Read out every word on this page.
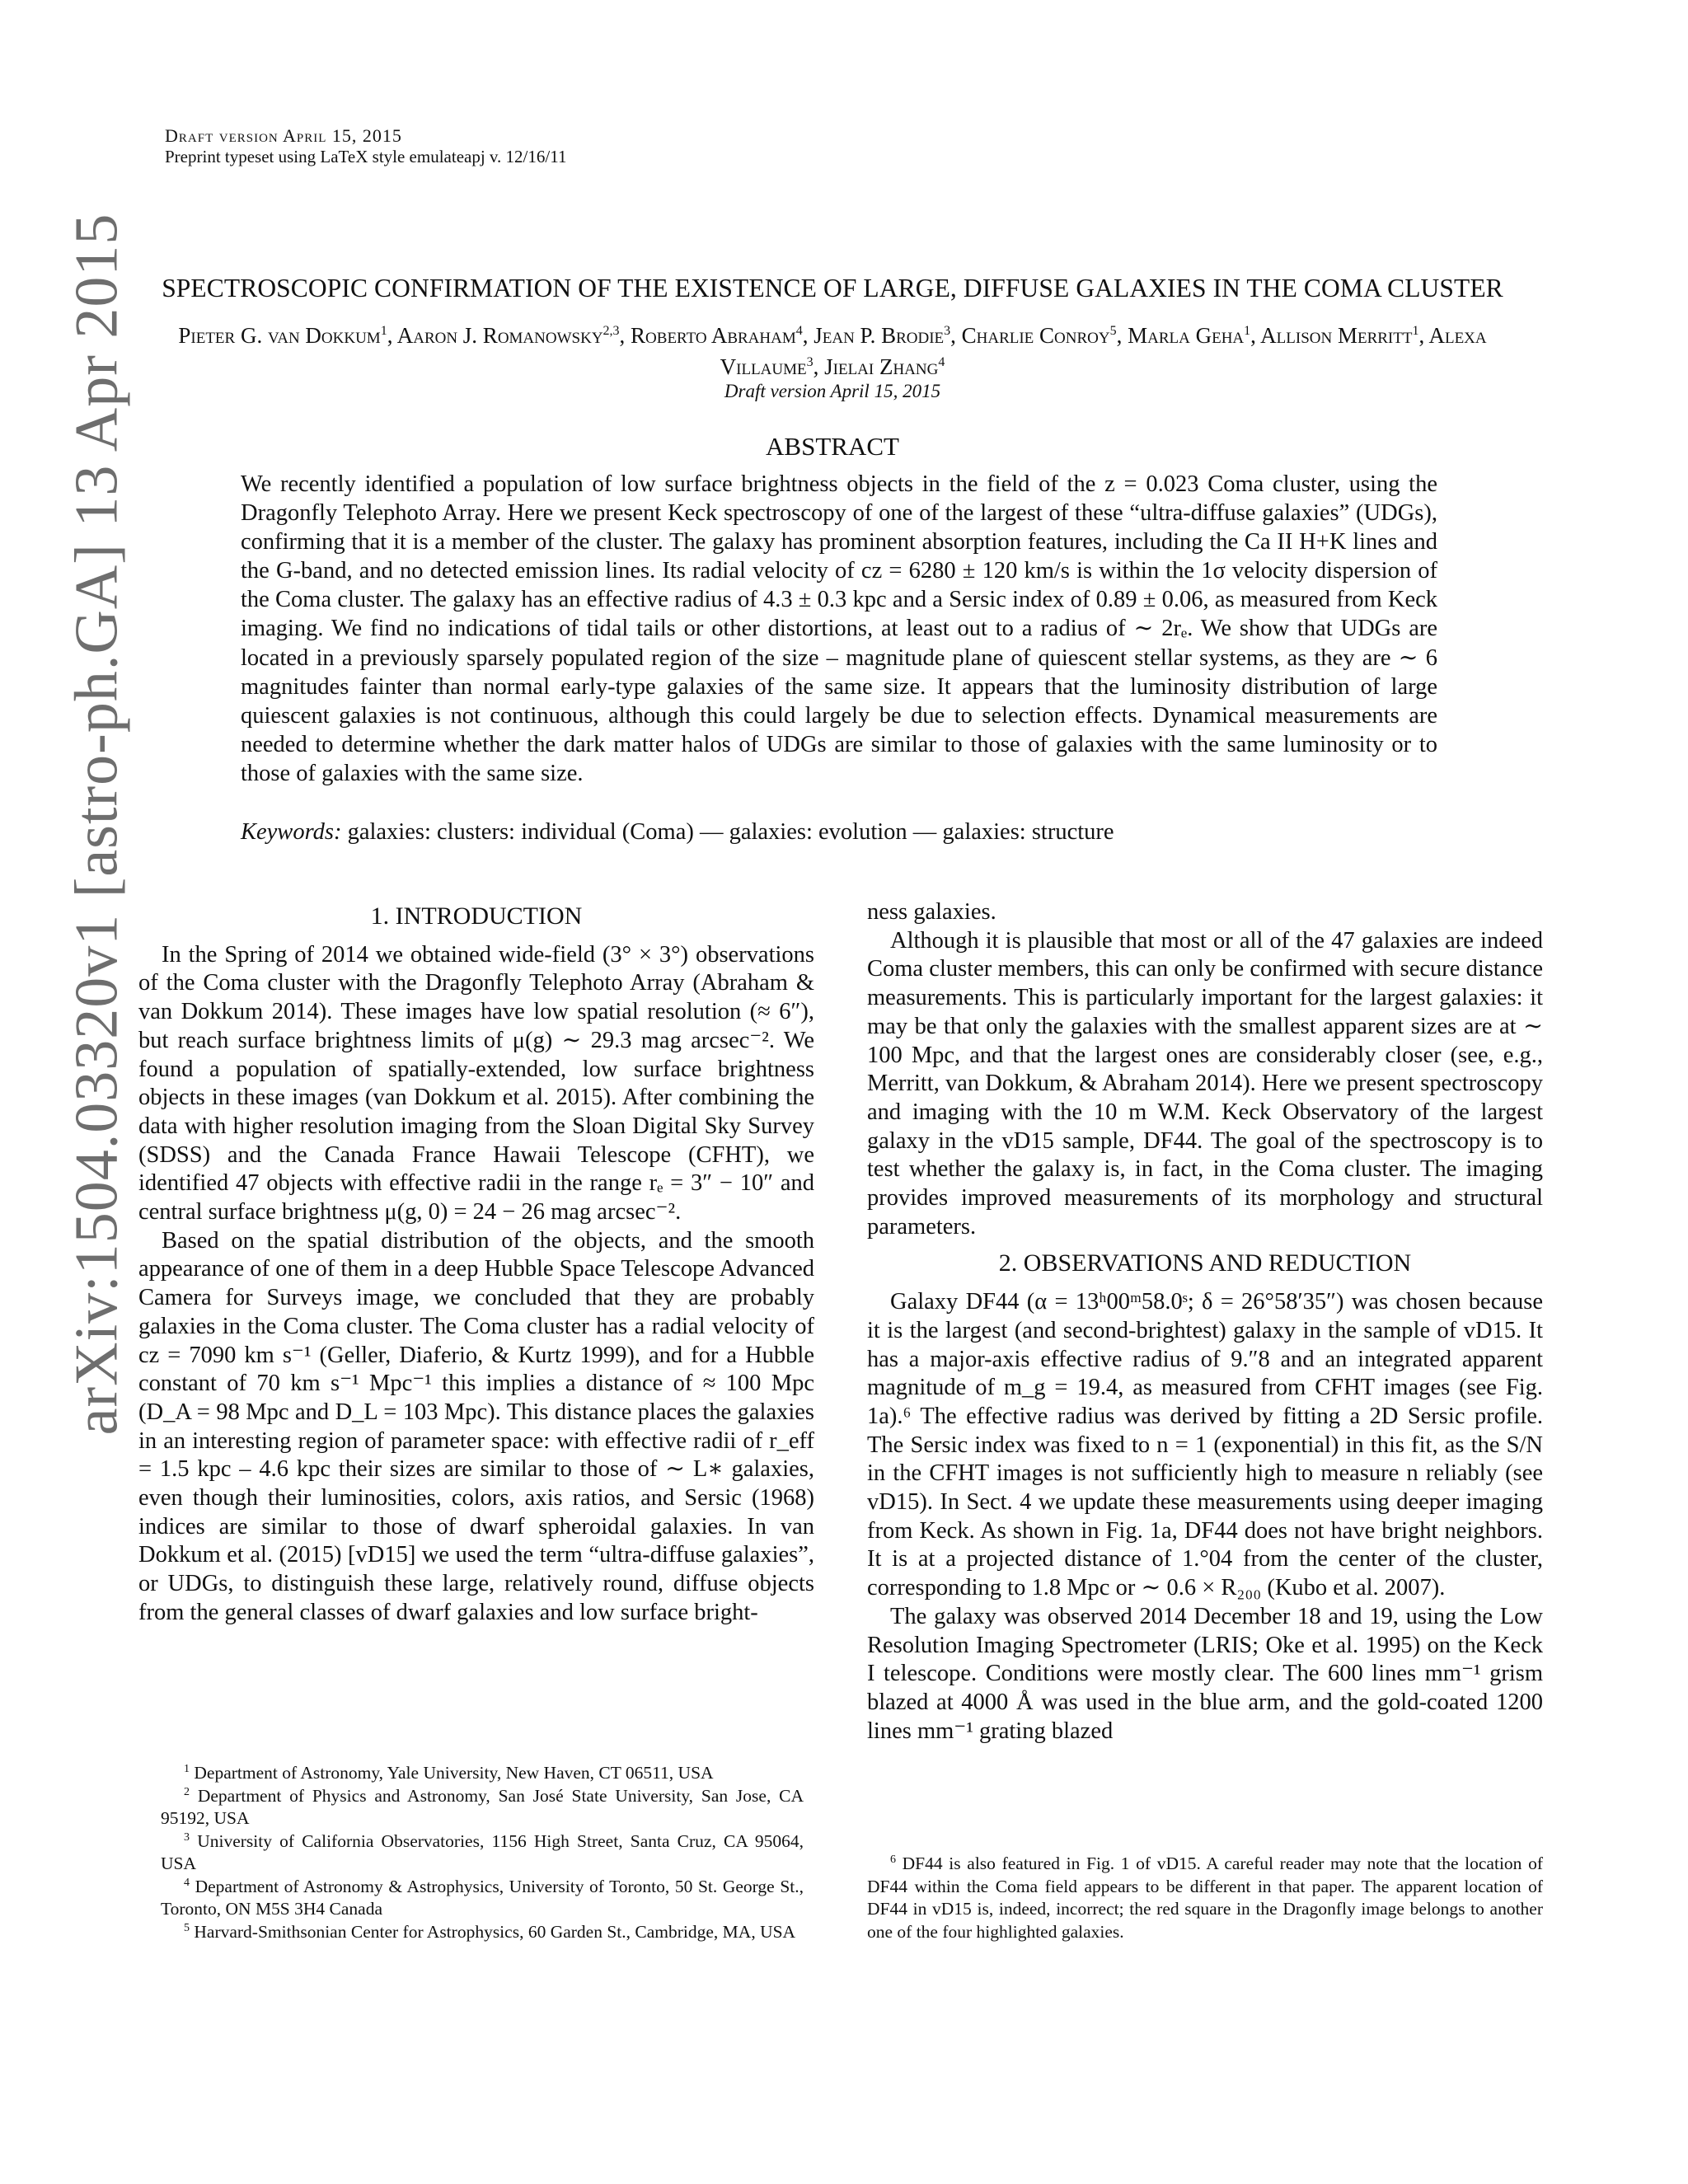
Draft version April 15, 2015
Preprint typeset using LaTeX style emulateapj v. 12/16/11
arXiv:1504.03320v1 [astro-ph.GA] 13 Apr 2015	SPECTROSCOPIC CONFIRMATION OF THE EXISTENCE OF LARGE, DIFFUSE GALAXIES IN THE COMA CLUSTER
Pieter G. van Dokkum$^1$, Aaron J. Romanowsky$^{2,3}$, Roberto Abraham$^4$, Jean P. Brodie$^3$, Charlie Conroy$^5$, Marla Geha$^1$, Allison Merritt$^1$, Alexa Villaume$^3$, Jielai Zhang$^4$
Draft version April 15, 2015
ABSTRACT
We recently identified a population of low surface brightness objects in the field of the z = 0.023 Coma cluster, using the Dragonfly Telephoto Array. Here we present Keck spectroscopy of one of the largest of these “ultra-diffuse galaxies” (UDGs), confirming that it is a member of the cluster. The galaxy has prominent absorption features, including the Ca II H+K lines and the G-band, and no detected emission lines. Its radial velocity of cz = 6280 ± 120 km/s is within the 1σ velocity dispersion of the Coma cluster. The galaxy has an effective radius of 4.3 ± 0.3 kpc and a Sersic index of 0.89 ± 0.06, as measured from Keck imaging. We find no indications of tidal tails or other distortions, at least out to a radius of ∼ 2rₑ. We show that UDGs are located in a previously sparsely populated region of the size – magnitude plane of quiescent stellar systems, as they are ∼ 6 magnitudes fainter than normal early-type galaxies of the same size. It appears that the luminosity distribution of large quiescent galaxies is not continuous, although this could largely be due to selection effects. Dynamical measurements are needed to determine whether the dark matter halos of UDGs are similar to those of galaxies with the same luminosity or to those of galaxies with the same size.
Keywords: galaxies: clusters: individual (Coma) — galaxies: evolution — galaxies: structure
1. INTRODUCTION

In the Spring of 2014 we obtained wide-field (3° × 3°) observations of the Coma cluster with the Dragonfly Telephoto Array (Abraham & van Dokkum 2014). These images have low spatial resolution (≈ 6″), but reach surface brightness limits of μ(g) ∼ 29.3 mag arcsec⁻². We found a population of spatially-extended, low surface brightness objects in these images (van Dokkum et al. 2015). After combining the data with higher resolution imaging from the Sloan Digital Sky Survey (SDSS) and the Canada France Hawaii Telescope (CFHT), we identified 47 objects with effective radii in the range rₑ = 3″ − 10″ and central surface brightness μ(g, 0) = 24 − 26 mag arcsec⁻².

Based on the spatial distribution of the objects, and the smooth appearance of one of them in a deep Hubble Space Telescope Advanced Camera for Surveys image, we concluded that they are probably galaxies in the Coma cluster. The Coma cluster has a radial velocity of cz = 7090 km s⁻¹ (Geller, Diaferio, & Kurtz 1999), and for a Hubble constant of 70 km s⁻¹ Mpc⁻¹ this implies a distance of ≈ 100 Mpc (D_A = 98 Mpc and D_L = 103 Mpc). This distance places the galaxies in an interesting region of parameter space: with effective radii of r_eff = 1.5 kpc – 4.6 kpc their sizes are similar to those of ∼ L∗ galaxies, even though their luminosities, colors, axis ratios, and Sersic (1968) indices are similar to those of dwarf spheroidal galaxies. In van Dokkum et al. (2015) [vD15] we used the term “ultra-diffuse galaxies”, or UDGs, to distinguish these large, relatively round, diffuse objects from the general classes of dwarf galaxies and low surface bright-

$^1$ Department of Astronomy, Yale University, New Haven, CT 06511, USA

$^2$ Department of Physics and Astronomy, San José State University, San Jose, CA 95192, USA

$^3$ University of California Observatories, 1156 High Street, Santa Cruz, CA 95064, USA

$^4$ Department of Astronomy & Astrophysics, University of Toronto, 50 St. George St., Toronto, ON M5S 3H4 Canada

$^5$ Harvard-Smithsonian Center for Astrophysics, 60 Garden St., Cambridge, MA, USA

ness galaxies.

Although it is plausible that most or all of the 47 galaxies are indeed Coma cluster members, this can only be confirmed with secure distance measurements. This is particularly important for the largest galaxies: it may be that only the galaxies with the smallest apparent sizes are at ∼ 100 Mpc, and that the largest ones are considerably closer (see, e.g., Merritt, van Dokkum, & Abraham 2014). Here we present spectroscopy and imaging with the 10 m W.M. Keck Observatory of the largest galaxy in the vD15 sample, DF44. The goal of the spectroscopy is to test whether the galaxy is, in fact, in the Coma cluster. The imaging provides improved measurements of its morphology and structural parameters.

2. OBSERVATIONS AND REDUCTION

Galaxy DF44 (α = 13ʰ00ᵐ58.0ˢ; δ = 26°58′35″) was chosen because it is the largest (and second-brightest) galaxy in the sample of vD15. It has a major-axis effective radius of 9.″8 and an integrated apparent magnitude of m_g = 19.4, as measured from CFHT images (see Fig. 1a).⁶ The effective radius was derived by fitting a 2D Sersic profile. The Sersic index was fixed to n = 1 (exponential) in this fit, as the S/N in the CFHT images is not sufficiently high to measure n reliably (see vD15). In Sect. 4 we update these measurements using deeper imaging from Keck. As shown in Fig. 1a, DF44 does not have bright neighbors. It is at a projected distance of 1.°04 from the center of the cluster, corresponding to 1.8 Mpc or ∼ 0.6 × R₂₀₀ (Kubo et al. 2007).

The galaxy was observed 2014 December 18 and 19, using the Low Resolution Imaging Spectrometer (LRIS; Oke et al. 1995) on the Keck I telescope. Conditions were mostly clear. The 600 lines mm⁻¹ grism blazed at 4000 Å was used in the blue arm, and the gold-coated 1200 lines mm⁻¹ grating blazed

$^6$ DF44 is also featured in Fig. 1 of vD15. A careful reader may note that the location of DF44 within the Coma field appears to be different in that paper. The apparent location of DF44 in vD15 is, indeed, incorrect; the red square in the Dragonfly image belongs to another one of the four highlighted galaxies.
